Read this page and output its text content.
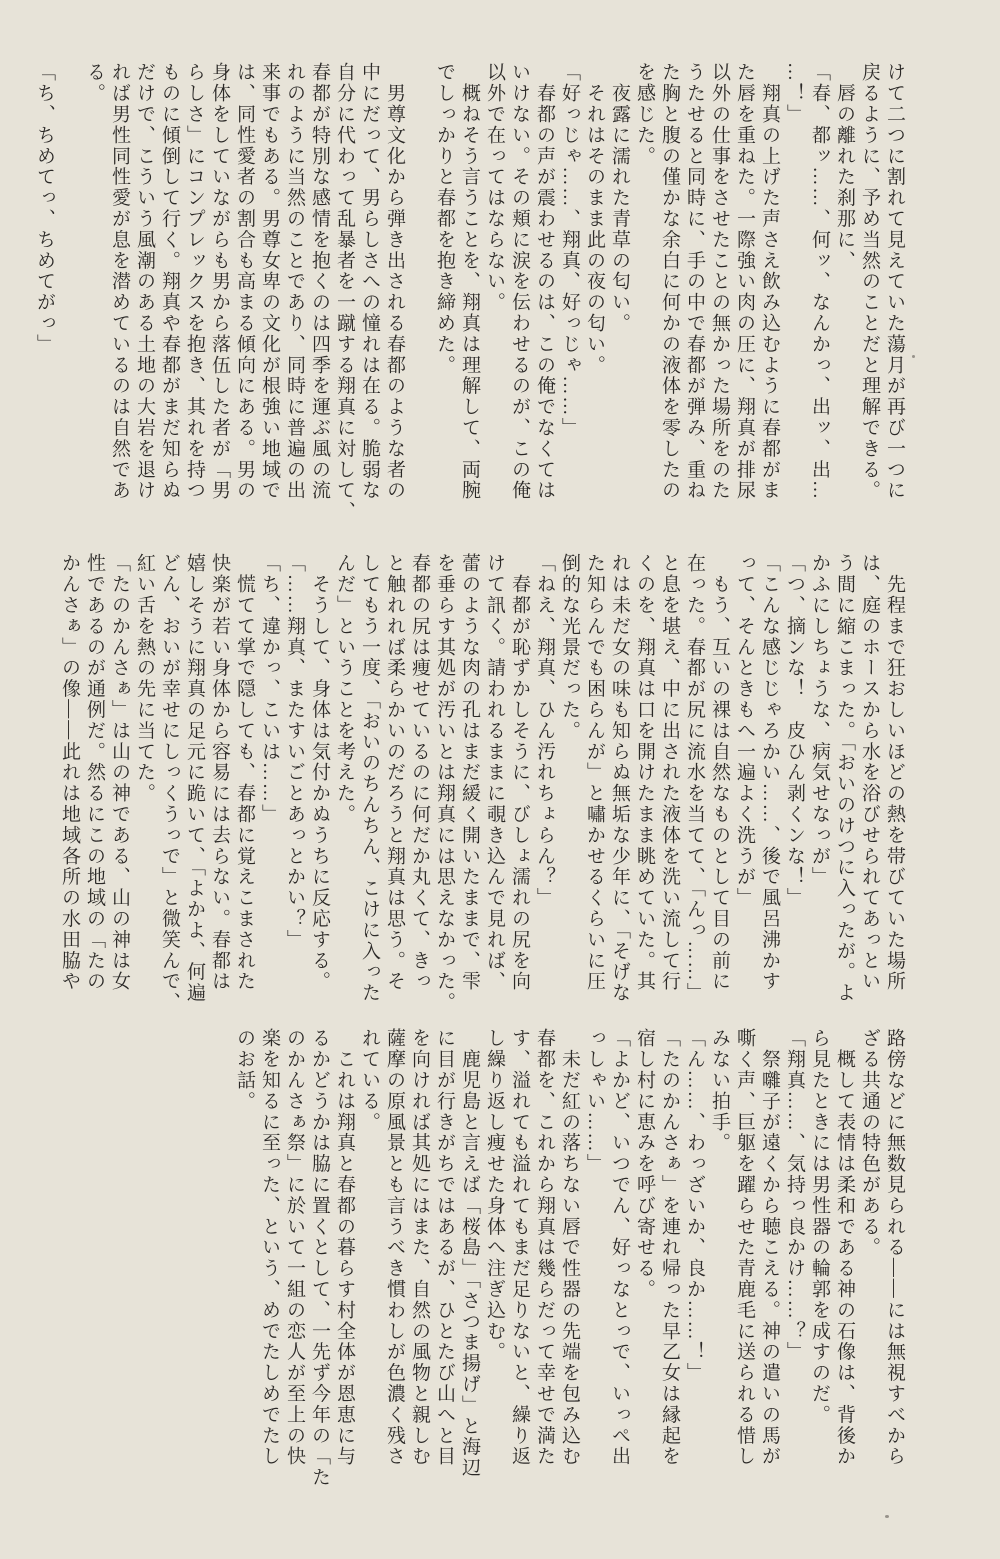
けて二つに割れて見えていた蕩月が再び一つに

戻るように、予め当然のことだと理解できる。

　唇の離れた刹那に、

「春、都ッ……、何ッ、なんかっ、出ッ、出…

…！」

　翔真の上げた声さえ飲み込むように春都がま

た唇を重ねた。一際強い肉の圧に、翔真が排尿

以外の仕事をさせたことの無かった場所をのた

うたせると同時に、手の中で春都が弾み、重ね

た胸と腹の僅かな余白に何かの液体を零したの

を感じた。

　夜露に濡れた青草の匂い。

　それはそのまま此の夜の匂い。

「好っじゃ……、翔真、好っじゃ……」

　春都の声が震わせるのは、この俺でなくては

いけない。その頬に涙を伝わせるのが、この俺

以外で在ってはならない。

　概ねそう言うことを、翔真は理解して、両腕

でしっかりと春都を抱き締めた。

　男尊文化から弾き出される春都のような者の

中にだって、男らしさへの憧れは在る。脆弱な

自分に代わって乱暴者を一蹴する翔真に対して、

春都が特別な感情を抱くのは四季を運ぶ風の流

れのように当然のことであり、同時に普遍の出

来事でもある。男尊女卑の文化が根強い地域で

は、同性愛者の割合も高まる傾向にある。男の

身体をしていながらも男から落伍した者が「男

らしさ」にコンプレックスを抱き、其れを持つ

ものに傾倒して行く。翔真や春都がまだ知らぬ

だけで、こういう風潮のある土地の大岩を退け

れば男性同性愛が息を潜めているのは自然であ

る。

「ち、ちめてっ、ちめてがっ」

　先程まで狂おしいほどの熱を帯びていた場所

は、庭のホースから水を浴びせられてあっとい

う間に縮こまった。「おいのけつに入ったが。よ

かふにしちょうな、病気せなっが」

「つ、摘ンな！　皮ひん剥くンな！」

「こんな感じじゃろかい……、後で風呂沸かす

って、そんときもへ一遍よく洗うが」

　もう、互いの裸は自然なものとして目の前に

在った。春都が尻に流水を当てて、「んっ……」

と息を堪え、中に出された液体を洗い流して行

くのを、翔真は口を開けたまま眺めていた。其

れは未だ女の味も知らぬ無垢な少年に、「そげな

た知らんでも困らんが」と嘯かせるくらいに圧

倒的な光景だった。

「ねえ、翔真、ひん汚れちょらん？」

　春都が恥ずかしそうに、びしょ濡れの尻を向

けて訊く。請われるままに覗き込んで見れば、

蕾のような肉の孔はまだ緩く開いたままで、雫

を垂らす其処が汚いとは翔真には思えなかった。

春都の尻は痩せているのに何だか丸くて、きっ

と触れれば柔らかいのだろうと翔真は思う。そ

してもう一度、「おいのちんちん、こけに入った

んだ」ということを考えた。

　そうして、身体は気付かぬうちに反応する。

「……翔真、またすいごとあっとかい？」

「ち、違かっ、こいは……」

　慌てて掌で隠しても、春都に覚えこまされた

快楽が若い身体から容易には去らない。春都は

嬉しそうに翔真の足元に跪いて、「よかよ、何遍

どん、おいが幸せにしっくうっで」と微笑んで、

紅い舌を熱の先に当てた。

「たのかんさぁ」は山の神である、山の神は女

性であるのが通例だ。然るにこの地域の「たの

かんさぁ」の像――此れは地域各所の水田脇や

路傍などに無数見られる――には無視すべから

ざる共通の特色がある。

　概して表情は柔和である神の石像は、背後か

ら見たときには男性器の輪郭を成すのだ。

「翔真……、気持っ良かけ……？」

　祭囃子が遠くから聴こえる。神の遣いの馬が

嘶く声、巨躯を躍らせた青鹿毛に送られる惜し

みない拍手。

「ん……、わっざいか、良か……！」

「たのかんさぁ」を連れ帰った早乙女は縁起を

宿し村に恵みを呼び寄せる。

「よかど、いつでん、好っなとっで、いっぺ出

っしゃい……」

　未だ紅の落ちない唇で性器の先端を包み込む

春都を、これから翔真は幾らだって幸せで満た

す、溢れても溢れてもまだ足りないと、繰り返

し繰り返し痩せた身体へ注ぎ込む。

　鹿児島と言えば「桜島」「さつま揚げ」と海辺

に目が行きがちではあるが、ひとたび山へと目

を向ければ其処にはまた、自然の風物と親しむ

薩摩の原風景とも言うべき慣わしが色濃く残さ

れている。

　これは翔真と春都の暮らす村全体が恩恵に与

るかどうかは脇に置くとして、一先ず今年の「た

のかんさぁ祭」に於いて一組の恋人が至上の快

楽を知るに至った、という、めでたしめでたし

のお話。
